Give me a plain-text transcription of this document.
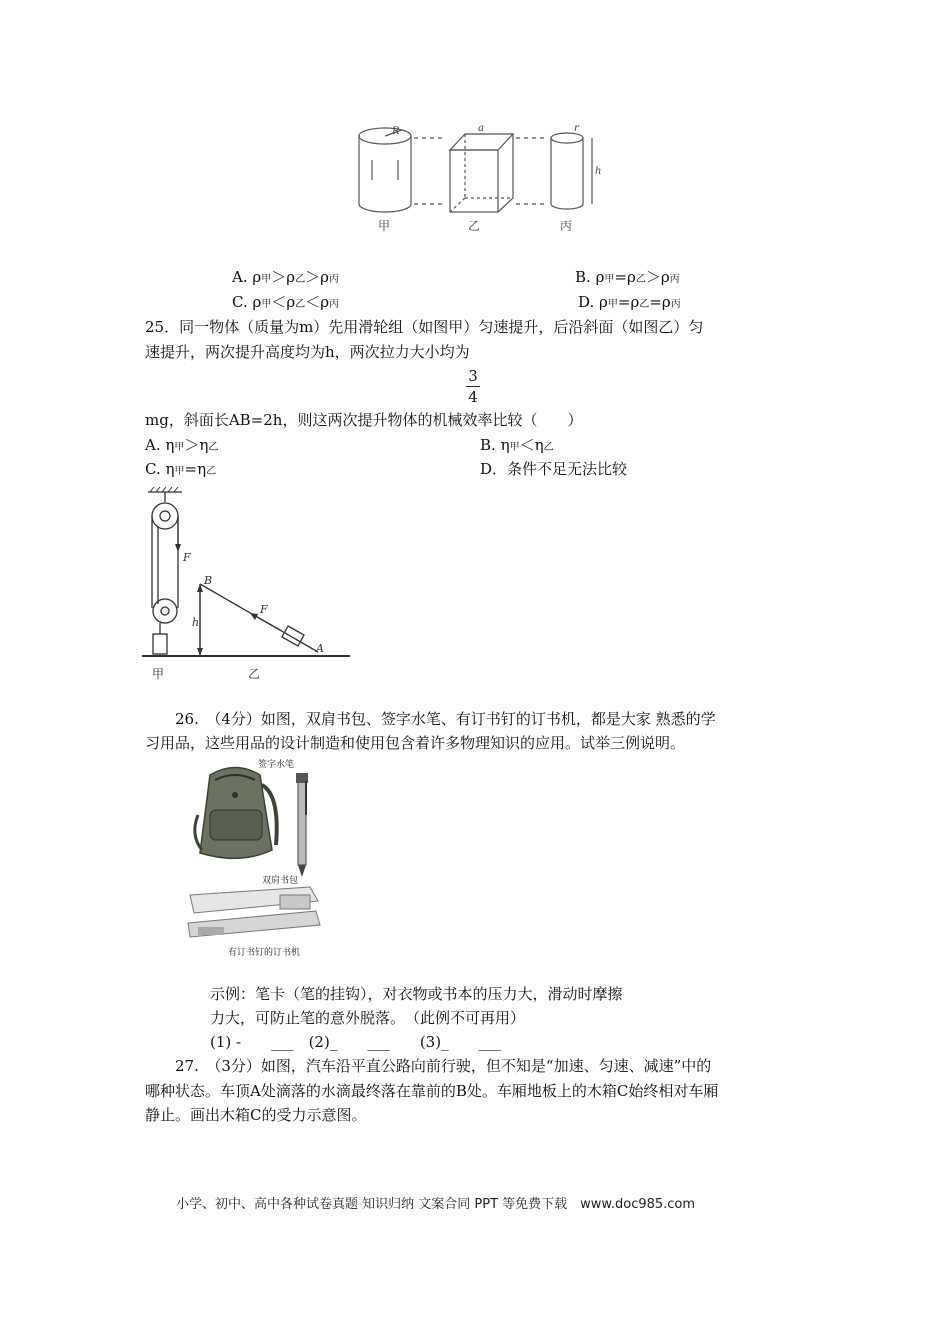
R	a	r
h
甲	乙	丙
A. ρ甲＞ρ乙＞ρ丙	B. ρ甲=ρ乙＞ρ丙
C. ρ甲＜ρ乙＜ρ丙	D. ρ甲=ρ乙=ρ丙
25．同一物体（质量为m）先用滑轮组（如图甲）匀速提升，后沿斜面（如图乙）匀
速提升，两次提升高度均为h，两次拉力大小均为
3
4
mg，斜面长AB=2h，则这两次提升物体的机械效率比较（　　）
A. η甲＞η乙	B. η甲＜η乙
C. η甲=η乙	D．条件不足无法比较
F
F
B
A
h
甲	乙
26.　（4分）如图，双肩书包、签字水笔、有订书钉的订书机，都是大家 熟悉的学
习用品，这些用品的设计制造和使用包含着许多物理知识的应用。试举三例说明。
签字水笔
双肩书包
有订书钉的订书机
示例：笔卡（笔的挂钩），对衣物或书本的压力大，滑动时摩擦
力大，可防止笔的意外脱落。　（此例不可再用）
(1) -　　___　(2)_　　___　　(3)_　　___
27.　（3分）如图，汽车沿平直公路向前行驶，但不知是“加速、匀速、减速”中的
哪种状态。车顶A处滴落的水滴最终落在靠前的B处。车厢地板上的木箱C始终相对车厢
静止。画出木箱C的受力示意图。
小学、初中、高中各种试卷真题 知识归纳 文案合同 PPT 等免费下载　www.doc985.com
